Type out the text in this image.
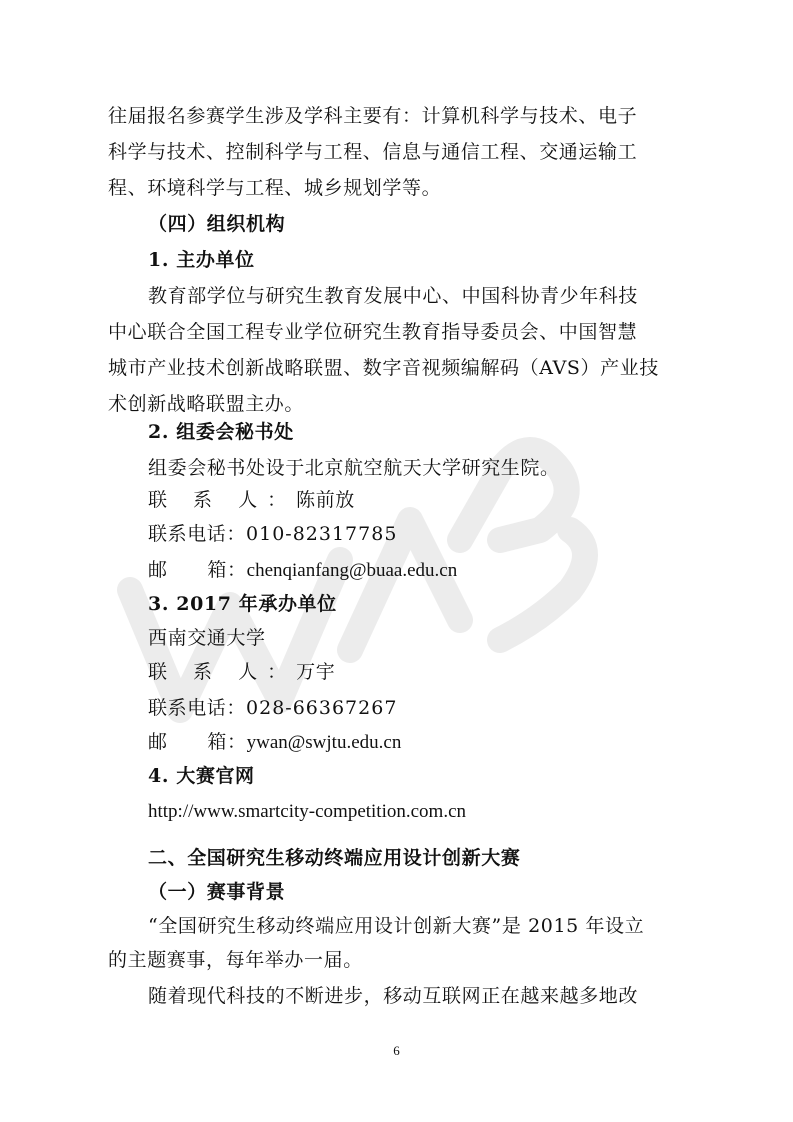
往届报名参赛学生涉及学科主要有：计算机科学与技术、电子
科学与技术、控制科学与工程、信息与通信工程、交通运输工
程、环境科学与工程、城乡规划学等。
（四）组织机构
1. 主办单位
教育部学位与研究生教育发展中心、中国科协青少年科技
中心联合全国工程专业学位研究生教育指导委员会、中国智慧
城市产业技术创新战略联盟、数字音视频编解码（AVS）产业技
术创新战略联盟主办。
2. 组委会秘书处
组委会秘书处设于北京航空航天大学研究生院。
联 系 人：陈前放
联系电话：010-82317785
邮      箱：chenqianfang@buaa.edu.cn
3. 2017 年承办单位
西南交通大学
联 系 人：万宇
联系电话：028-66367267
邮      箱：ywan@swjtu.edu.cn
4. 大赛官网
http://www.smartcity-competition.com.cn
二、全国研究生移动终端应用设计创新大赛
（一）赛事背景
“全国研究生移动终端应用设计创新大赛”是 2015 年设立
的主题赛事，每年举办一届。
随着现代科技的不断进步，移动互联网正在越来越多地改
6
